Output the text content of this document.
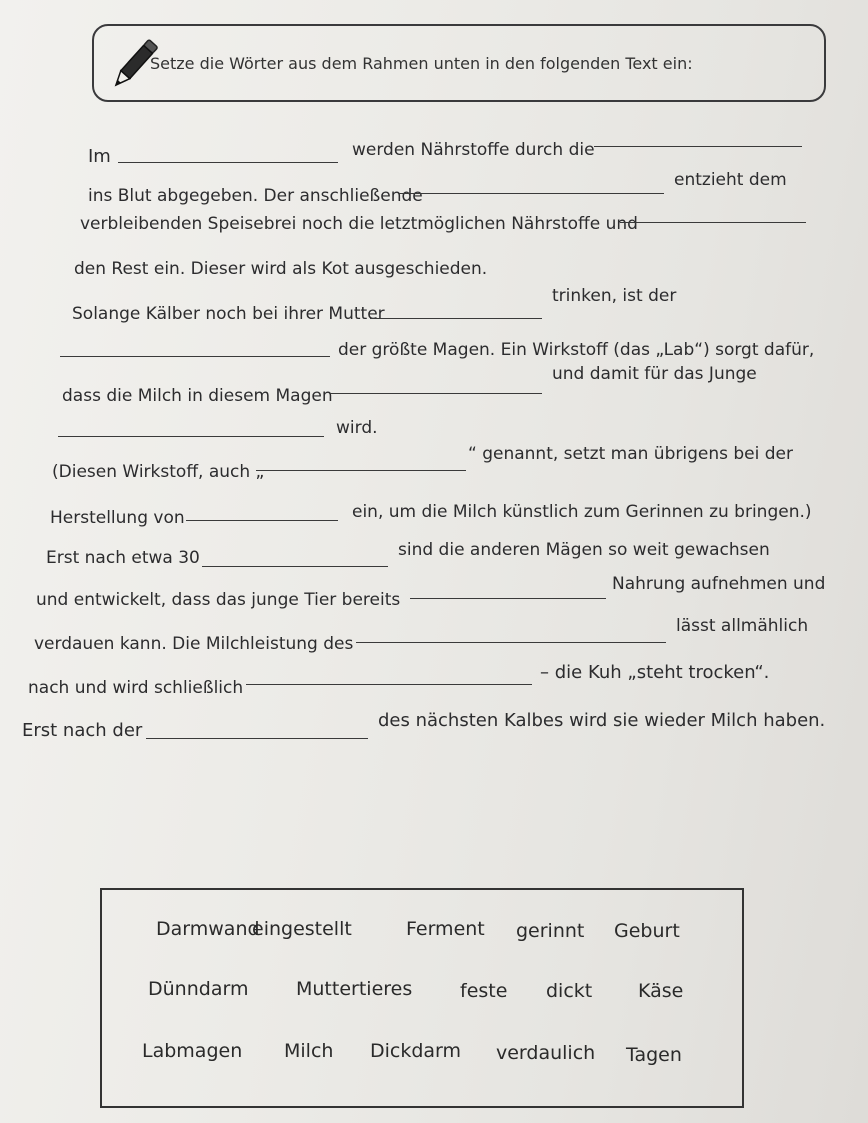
Setze die Wörter aus dem Rahmen unten in den folgenden Text ein:
Im	werden Nährstoffe durch die
ins Blut abgegeben. Der anschließende
entzieht dem
verbleibenden Speisebrei noch die letztmöglichen Nährstoffe und
den Rest ein. Dieser wird als Kot ausgeschieden.
Solange Kälber noch bei ihrer Mutter
trinken, ist der
der größte Magen. Ein Wirkstoff (das „Lab“) sorgt dafür,
dass die Milch in diesem Magen
und damit für das Junge
wird.
(Diesen Wirkstoff, auch „
“ genannt, setzt man übrigens bei der
Herstellung von	ein, um die Milch künstlich zum Gerinnen zu bringen.)
Erst nach etwa 30	sind die anderen Mägen so weit gewachsen
und entwickelt, dass das junge Tier bereits
Nahrung aufnehmen und
lässt allmählich
verdauen kann. Die Milchleistung des
nach und wird schließlich
– die Kuh „steht trocken“.
Erst nach der	des nächsten Kalbes wird sie wieder Milch haben.
Darmwand
eingestellt	Ferment gerinnt Geburt
Dünndarm	Muttertieres	feste dickt Käse
Labmagen Milch Dickdarm verdaulich Tagen
